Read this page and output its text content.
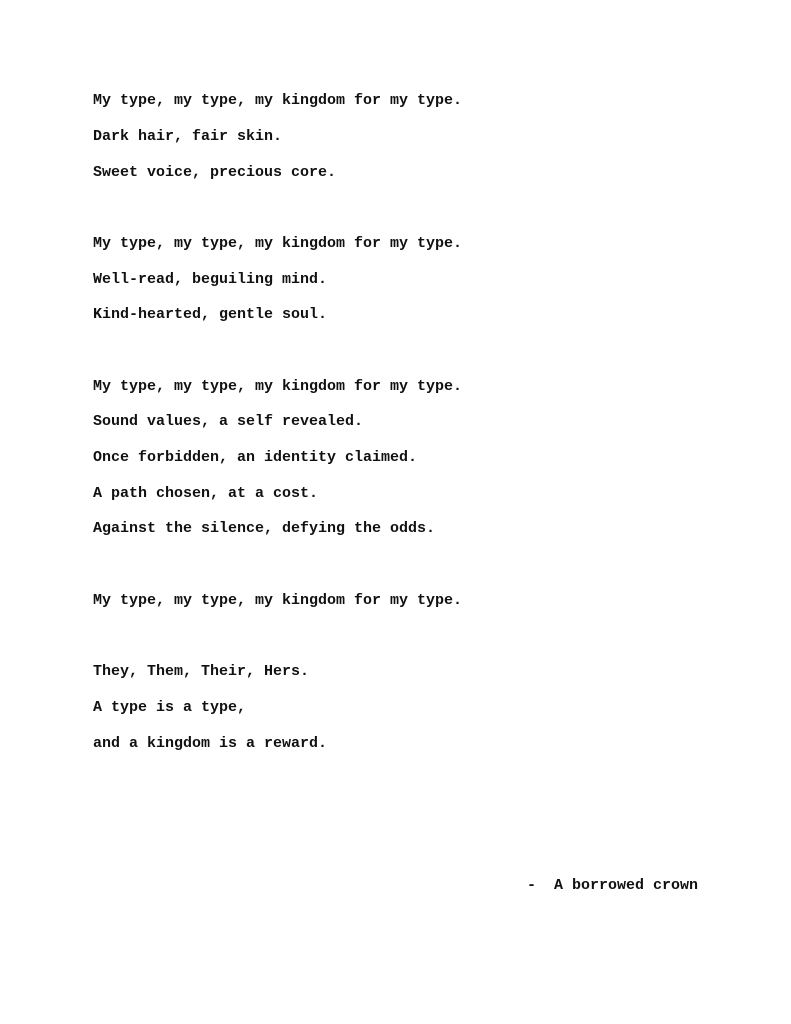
My type, my type, my kingdom for my type.
Dark hair, fair skin.
Sweet voice, precious core.
My type, my type, my kingdom for my type.
Well-read, beguiling mind.
Kind-hearted, gentle soul.
My type, my type, my kingdom for my type.
Sound values, a self revealed.
Once forbidden, an identity claimed.
A path chosen, at a cost.
Against the silence, defying the odds.
My type, my type, my kingdom for my type.
They, Them, Their, Hers.
A type is a type,
and a kingdom is a reward.
-  A borrowed crown
